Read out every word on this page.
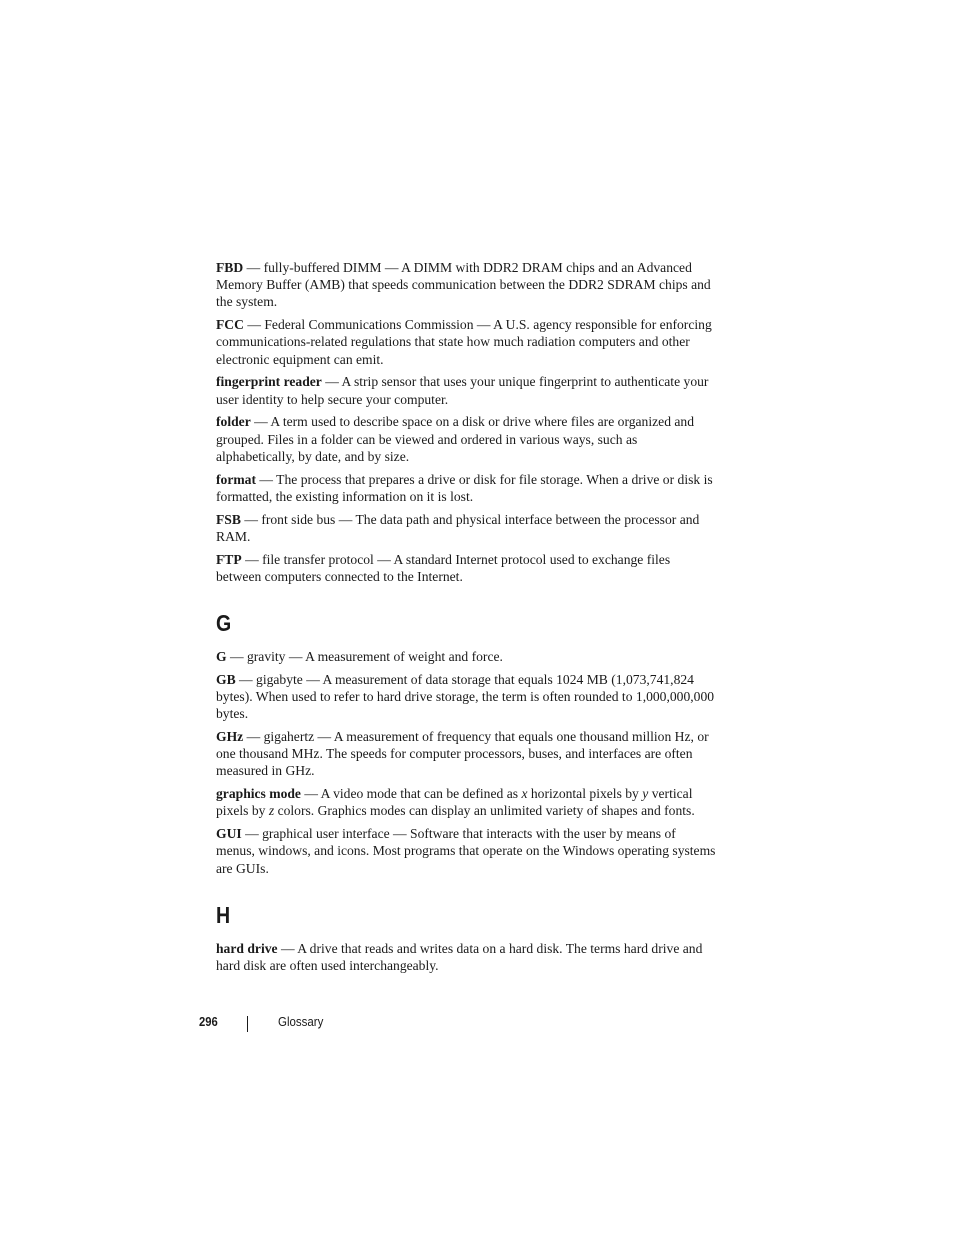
FBD — fully-buffered DIMM — A DIMM with DDR2 DRAM chips and an Advanced Memory Buffer (AMB) that speeds communication between the DDR2 SDRAM chips and the system.

FCC — Federal Communications Commission — A U.S. agency responsible for enforcing communications-related regulations that state how much radiation computers and other electronic equipment can emit.

fingerprint reader — A strip sensor that uses your unique fingerprint to authenticate your user identity to help secure your computer.

folder — A term used to describe space on a disk or drive where files are organized and grouped. Files in a folder can be viewed and ordered in various ways, such as alphabetically, by date, and by size.

format — The process that prepares a drive or disk for file storage. When a drive or disk is formatted, the existing information on it is lost.

FSB — front side bus — The data path and physical interface between the processor and RAM.

FTP — file transfer protocol — A standard Internet protocol used to exchange files between computers connected to the Internet.

G

G — gravity — A measurement of weight and force.

GB — gigabyte — A measurement of data storage that equals 1024 MB (1,073,741,824 bytes). When used to refer to hard drive storage, the term is often rounded to 1,000,000,000 bytes.

GHz — gigahertz — A measurement of frequency that equals one thousand million Hz, or one thousand MHz. The speeds for computer processors, buses, and interfaces are often measured in GHz.

graphics mode — A video mode that can be defined as x horizontal pixels by y vertical pixels by z colors. Graphics modes can display an unlimited variety of shapes and fonts.

GUI — graphical user interface — Software that interacts with the user by means of menus, windows, and icons. Most programs that operate on the Windows operating systems are GUIs.

H

hard drive — A drive that reads and writes data on a hard disk. The terms hard drive and hard disk are often used interchangeably.

296	Glossary
